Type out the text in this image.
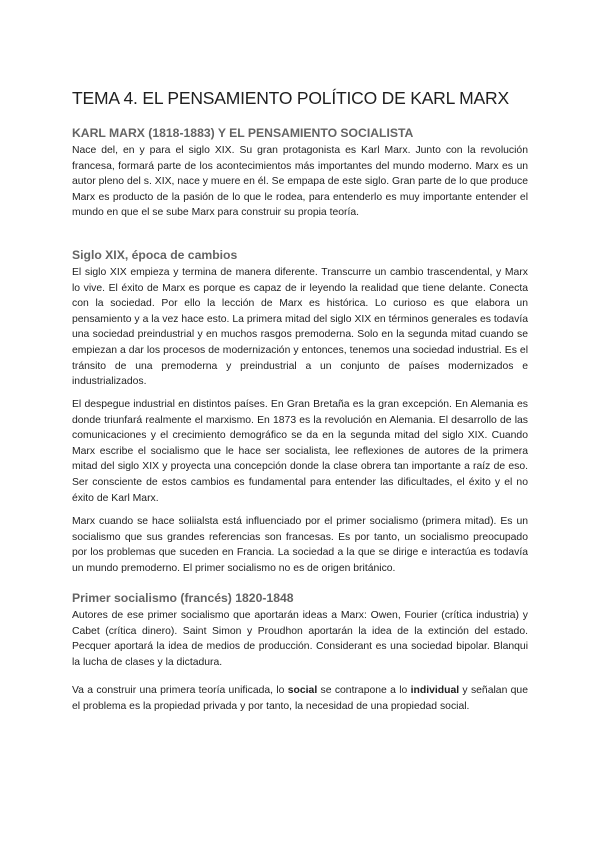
TEMA 4. EL PENSAMIENTO POLÍTICO DE KARL MARX
KARL MARX (1818-1883) Y EL PENSAMIENTO SOCIALISTA

Nace del, en y para el siglo XIX. Su gran protagonista es Karl Marx. Junto con la revolución francesa, formará parte de los acontecimientos más importantes del mundo moderno. Marx es un autor pleno del s. XIX, nace y muere en él. Se empapa de este siglo. Gran parte de lo que produce Marx es producto de la pasión de lo que le rodea, para entenderlo es muy importante entender el mundo en que el se sube Marx para construir su propia teoría.

Siglo XIX, época de cambios

El siglo XIX empieza y termina de manera diferente. Transcurre un cambio trascendental, y Marx lo vive. El éxito de Marx es porque es capaz de ir leyendo la realidad que tiene delante. Conecta con la sociedad. Por ello la lección de Marx es histórica. Lo curioso es que elabora un pensamiento y a la vez hace esto. La primera mitad del siglo XIX en términos generales es todavía una sociedad preindustrial y en muchos rasgos premoderna. Solo en la segunda mitad cuando se empiezan a dar los procesos de modernización y entonces, tenemos una sociedad industrial. Es el tránsito de una premoderna y preindustrial a un conjunto de países modernizados e industrializados.

El despegue industrial en distintos países. En Gran Bretaña es la gran excepción. En Alemania es donde triunfará realmente el marxismo. En 1873 es la revolución en Alemania. El desarrollo de las comunicaciones y el crecimiento demográfico se da en la segunda mitad del siglo XIX. Cuando Marx escribe el socialismo que le hace ser socialista, lee reflexiones de autores de la primera mitad del siglo XIX y proyecta una concepción donde la clase obrera tan importante a raíz de eso. Ser consciente de estos cambios es fundamental para entender las dificultades, el éxito y el no éxito de Karl Marx.

Marx cuando se hace soliialsta está influenciado por el primer socialismo (primera mitad). Es un socialismo que sus grandes referencias son francesas. Es por tanto, un socialismo preocupado por los problemas que suceden en Francia. La sociedad a la que se dirige e interactúa es todavía un mundo premoderno. El primer socialismo no es de origen británico.

Primer socialismo (francés) 1820-1848

Autores de ese primer socialismo que aportarán ideas a Marx: Owen, Fourier (crítica industria) y Cabet (crítica dinero). Saint Simon y Proudhon aportarán la idea de la extinción del estado. Pecquer aportará la idea de medios de producción. Considerant es una sociedad bipolar. Blanqui la lucha de clases y la dictadura.

Va a construir una primera teoría unificada, lo social se contrapone a lo individual y señalan que el problema es la propiedad privada y por tanto, la necesidad de una propiedad social.
